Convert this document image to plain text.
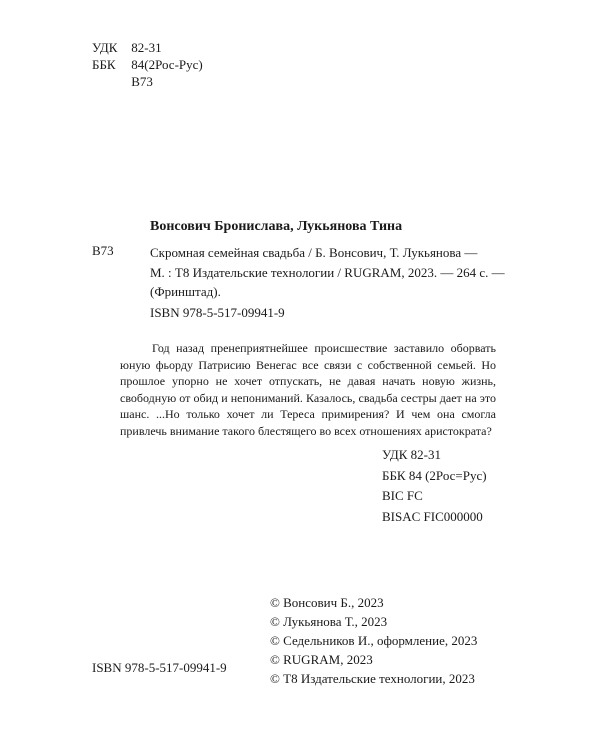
УДК 82-31
ББК 84(2Рос-Рус)
В73
Вонсович Бронислава, Лукьянова Тина
В73	Скромная семейная свадьба / Б. Вонсович, Т. Лукьянова —
М. : Т8 Издательские технологии / RUGRAM, 2023. — 264 с. —
(Фринштад).
ISBN 978-5-517-09941-9
Год назад пренеприятнейшее происшествие заставило оборвать юную фьорду Патрисию Венегас все связи с собственной семьей. Но прошлое упорно не хочет отпускать, не давая начать новую жизнь, свободную от обид и непониманий. Казалось, свадьба сестры дает на это шанс. ...Но только хочет ли Тереса примирения? И чем она смогла привлечь внимание такого блестящего во всех отношениях аристократа?
УДК 82-31
ББК 84 (2Рос=Рус)
BIC FC
BISAC FIC000000
© Вонсович Б., 2023
© Лукьянова Т., 2023
© Седельников И., оформление, 2023
© RUGRAM, 2023
© Т8 Издательские технологии, 2023
ISBN 978-5-517-09941-9
